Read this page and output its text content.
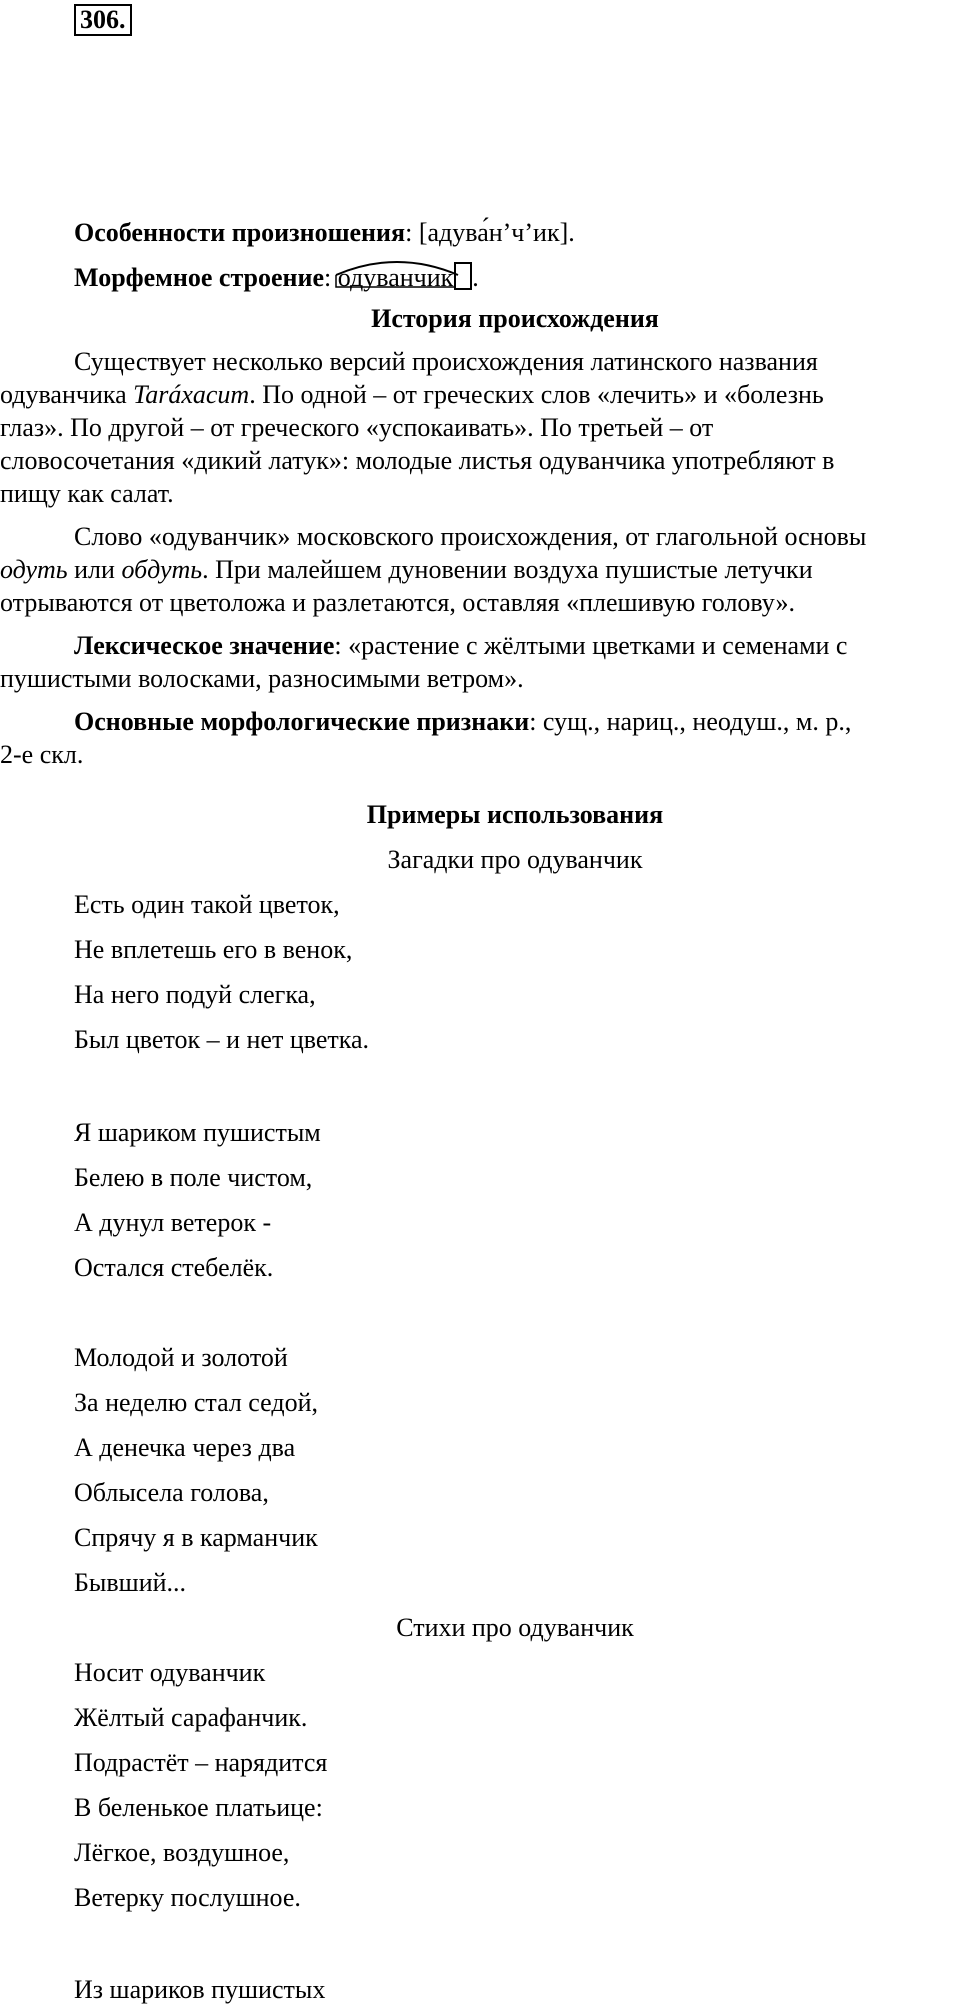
306.
Особенности произношения: [адува́н’ч’ик].
Морфемное строение:
одуванчик .
История происхождения
Существует несколько версий происхождения латинского названия
одуванчика Taráxacum. По одной – от греческих слов «лечить» и «болезнь
глаз». По другой – от греческого «успокаивать». По третьей – от
словосочетания «дикий латук»: молодые листья одуванчика употребляют в
пищу как салат.
Слово «одуванчик» московского происхождения, от глагольной основы
одуть или обдуть. При малейшем дуновении воздуха пушистые летучки
отрываются от цветоложа и разлетаются, оставляя «плешивую голову».
Лексическое значение: «растение с жёлтыми цветками и семенами с
пушистыми волосками, разносимыми ветром».
Основные морфологические признаки: сущ., нариц., неодуш., м. р.,
2-е скл.
Примеры использования
Загадки про одуванчик
Есть один такой цветок,
Не вплетешь его в венок,
На него подуй слегка,
Был цветок – и нет цветка.
Я шариком пушистым
Белею в поле чистом,
А дунул ветерок -
Остался стебелёк.
Молодой и золотой
За неделю стал седой,
А денечка через два
Облысела голова,
Спрячу я в карманчик
Бывший...
Стихи про одуванчик
Носит одуванчик
Жёлтый сарафанчик.
Подрастёт – нарядится
В беленькое платьице:
Лёгкое, воздушное,
Ветерку послушное.
Из шариков пушистых
